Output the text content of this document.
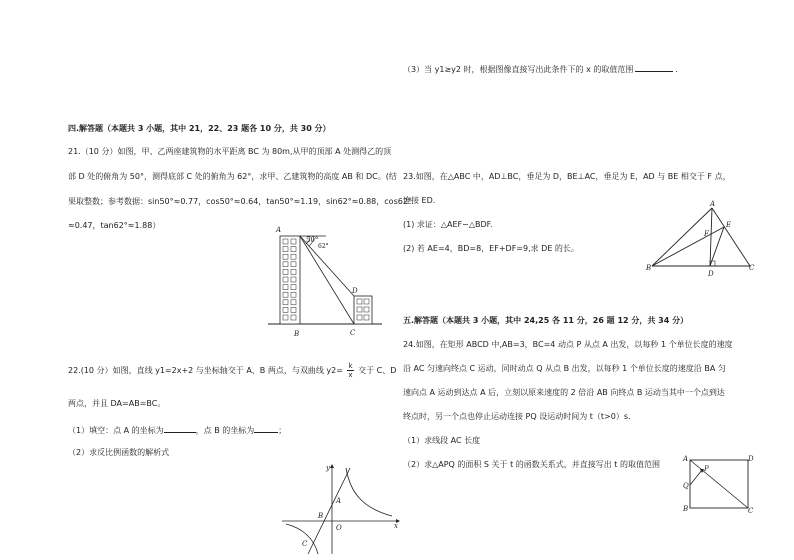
四.解答题（本题共 3 小题，其中 21，22、23 题各 10 分，共 30 分）
21.（10 分）如图，甲、乙两座建筑物的水平距离 BC 为 80m,从甲的顶部 A 处测得乙的顶
部 D 处的俯角为 50°，测得底部 C 处的俯角为 62°，求甲、乙建筑物的高度 AB 和 DC。(结
果取整数；参考数据：sin50°≈0.77，cos50°≈0.64，tan50°≈1.19，sin62°≈0.88，cos62°
≈0.47，tan62°≈1.88）	A
B	C
D
50°
62°
22.(10 分）如图，直线 y1=2x+2 与坐标轴交于 A、B 两点，与双曲线 $y2= \frac{k}{x}$ 交于 C、D
两点，并且 DA=AB=BC。
（1）填空：点 A 的坐标为	，点 B 的坐标为	；
（2）求反比例函数的解析式
y
x
A
B
O
C
（3）当 y1≥y2 时，根据图像直接写出此条件下的 x 的取值范围	.
23.如图，在△ABC 中，AD⊥BC，垂足为 D，BE⊥AC，垂足为 E，AD 与 BE 相交于 F 点，
连接 ED.
(1) 求证：△AEF∽△BDF.
(2) 若 AE=4，BD=8，EF+DF=9,求 DE 的长。
A
B	C
D
E
F
五.解答题（本题共 3 小题，其中 24,25 各 11 分，26 题 12 分，共 34 分）
24.如图，在矩形 ABCD 中,AB=3，BC=4 动点 P 从点 A 出发，以每秒 1 个单位长度的速度
沿 AC 匀速向终点 C 运动，同时动点 Q 从点 B 出发，以每秒 1 个单位长度的速度沿 BA 匀
速向点 A 运动到达点 A 后，立刻以原来速度的 2 倍沿 AB 向终点 B 运动当其中一个点到达
终点时，另一个点也停止运动连接 PQ 设运动时间为 t（t>0）s.
（1）求线段 AC 长度
（2）求△APQ 的面积 S 关于 t 的函数关系式，并直接写出 t 的取值范围
A
B	C
D
P
Q
